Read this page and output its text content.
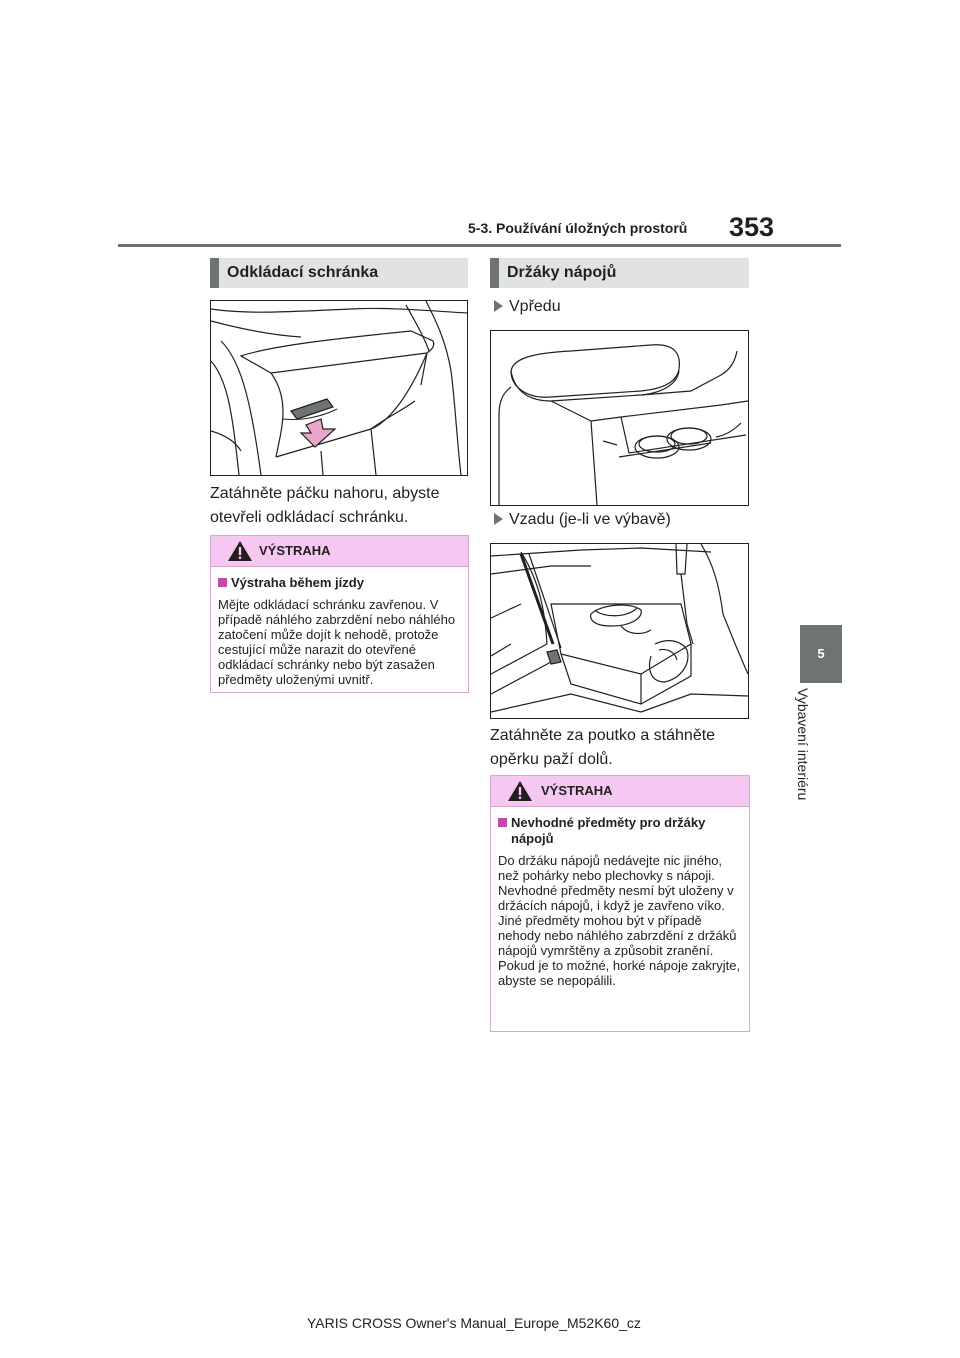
5-3. Používání úložných prostorů 353
5
Vybavení interiéru
Odkládací schránka
Zatáhněte páčku nahoru, abyste otevřeli odkládací schránku.
VÝSTRAHA
Výstraha během jízdy
Mějte odkládací schránku zavřenou. V případě náhlého zabrzdění nebo náhlého zatočení může dojít k nehodě, protože cestující může narazit do otevřené odkládací schránky nebo být zasažen předměty uloženými uvnitř.
Držáky nápojů
Vpředu
Vzadu (je-li ve výbavě)
Zatáhněte za poutko a stáhněte opěrku paží dolů.
VÝSTRAHA
Nevhodné předměty pro držáky nápojů
Do držáku nápojů nedávejte nic jiného, než pohárky nebo plechovky s nápoji. Nevhodné předměty nesmí být uloženy v držácích nápojů, i když je zavřeno víko. Jiné předměty mohou být v případě nehody nebo náhlého zabrzdění z držáků nápojů vymrštěny a způsobit zranění. Pokud je to možné, horké nápoje zakryjte, abyste se nepopálili.
YARIS CROSS Owner's Manual_Europe_M52K60_cz
